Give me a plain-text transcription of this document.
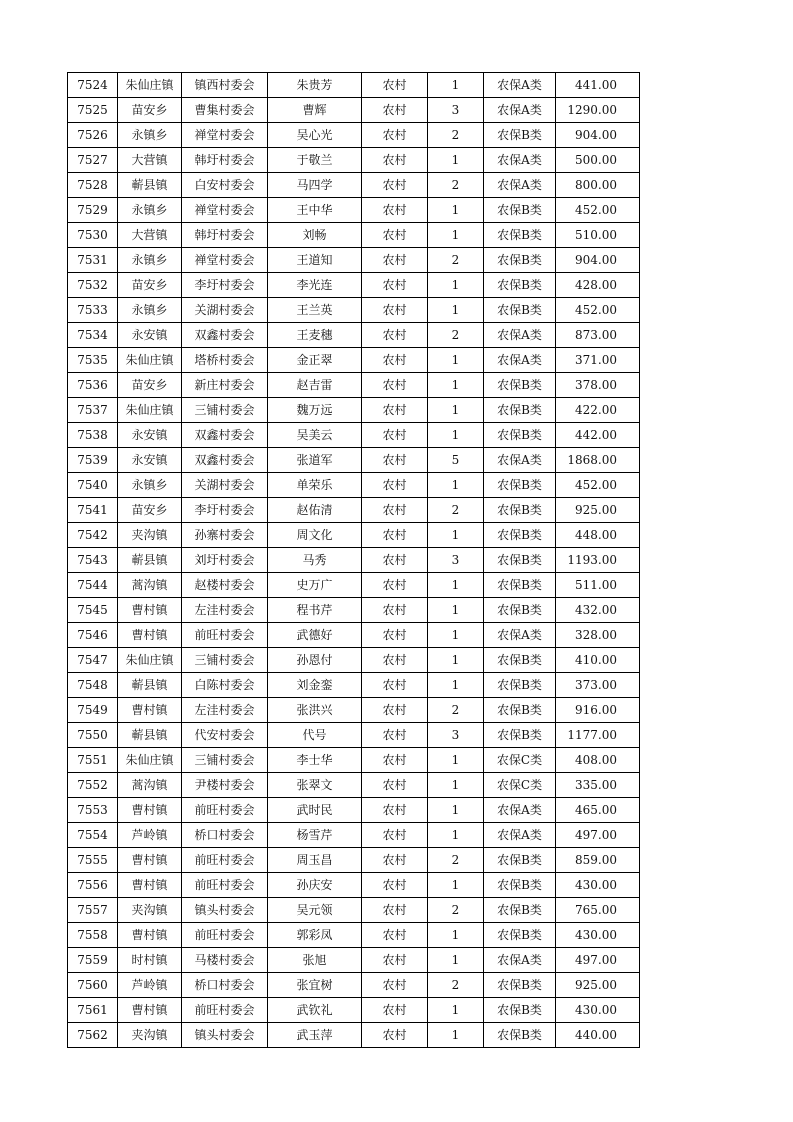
7524	朱仙庄镇	镇西村委会	朱贵芳	农村	1	农保A类	441.00
7525	苗安乡	曹集村委会	曹辉	农村	3	农保A类	1290.00
7526	永镇乡	禅堂村委会	吴心光	农村	2	农保B类	904.00
7527	大营镇	韩圩村委会	于敬兰	农村	1	农保A类	500.00
7528	蕲县镇	白安村委会	马四学	农村	2	农保A类	800.00
7529	永镇乡	禅堂村委会	王中华	农村	1	农保B类	452.00
7530	大营镇	韩圩村委会	刘畅	农村	1	农保B类	510.00
7531	永镇乡	禅堂村委会	王道知	农村	2	农保B类	904.00
7532	苗安乡	李圩村委会	李光连	农村	1	农保B类	428.00
7533	永镇乡	关湖村委会	王兰英	农村	1	农保B类	452.00
7534	永安镇	双鑫村委会	王麦穗	农村	2	农保A类	873.00
7535	朱仙庄镇	塔桥村委会	金正翠	农村	1	农保A类	371.00
7536	苗安乡	新庄村委会	赵吉雷	农村	1	农保B类	378.00
7537	朱仙庄镇	三铺村委会	魏万远	农村	1	农保B类	422.00
7538	永安镇	双鑫村委会	吴美云	农村	1	农保B类	442.00
7539	永安镇	双鑫村委会	张道军	农村	5	农保A类	1868.00
7540	永镇乡	关湖村委会	单荣乐	农村	1	农保B类	452.00
7541	苗安乡	李圩村委会	赵佑清	农村	2	农保B类	925.00
7542	夹沟镇	孙寨村委会	周文化	农村	1	农保B类	448.00
7543	蕲县镇	刘圩村委会	马秀	农村	3	农保B类	1193.00
7544	蒿沟镇	赵楼村委会	史万广	农村	1	农保B类	511.00
7545	曹村镇	左洼村委会	程书芹	农村	1	农保B类	432.00
7546	曹村镇	前旺村委会	武德好	农村	1	农保A类	328.00
7547	朱仙庄镇	三铺村委会	孙恩付	农村	1	农保B类	410.00
7548	蕲县镇	白陈村委会	刘金銮	农村	1	农保B类	373.00
7549	曹村镇	左洼村委会	张洪兴	农村	2	农保B类	916.00
7550	蕲县镇	代安村委会	代号	农村	3	农保B类	1177.00
7551	朱仙庄镇	三铺村委会	李士华	农村	1	农保C类	408.00
7552	蒿沟镇	尹楼村委会	张翠文	农村	1	农保C类	335.00
7553	曹村镇	前旺村委会	武时民	农村	1	农保A类	465.00
7554	芦岭镇	桥口村委会	杨雪芹	农村	1	农保A类	497.00
7555	曹村镇	前旺村委会	周玉昌	农村	2	农保B类	859.00
7556	曹村镇	前旺村委会	孙庆安	农村	1	农保B类	430.00
7557	夹沟镇	镇头村委会	吴元领	农村	2	农保B类	765.00
7558	曹村镇	前旺村委会	郭彩凤	农村	1	农保B类	430.00
7559	时村镇	马楼村委会	张旭	农村	1	农保A类	497.00
7560	芦岭镇	桥口村委会	张宜树	农村	2	农保B类	925.00
7561	曹村镇	前旺村委会	武钦礼	农村	1	农保B类	430.00
7562	夹沟镇	镇头村委会	武玉萍	农村	1	农保B类	440.00
